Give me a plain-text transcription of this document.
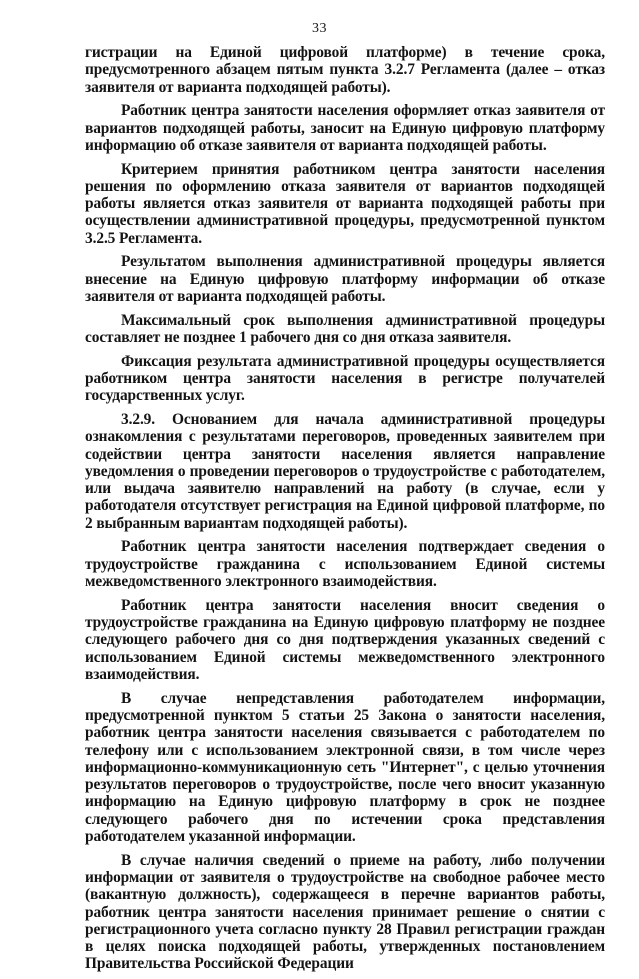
33

гистрации на Единой цифровой платформе) в течение срока, предусмотренного абзацем пятым пункта 3.2.7 Регламента (далее – отказ заявителя от варианта подходящей работы).

Работник центра занятости населения оформляет отказ заявителя от вариантов подходящей работы, заносит на Единую цифровую платформу информацию об отказе заявителя от варианта подходящей работы.

Критерием принятия работником центра занятости населения решения по оформлению отказа заявителя от вариантов подходящей работы является отказ заявителя от варианта подходящей работы при осуществлении административной процедуры, предусмотренной пунктом 3.2.5 Регламента.

Результатом выполнения административной процедуры является внесение на Единую цифровую платформу информации об отказе заявителя от варианта подходящей работы.

Максимальный срок выполнения административной процедуры составляет не позднее 1 рабочего дня со дня отказа заявителя.

Фиксация результата административной процедуры осуществляется работником центра занятости населения в регистре получателей государственных услуг.

3.2.9. Основанием для начала административной процедуры ознакомления с результатами переговоров, проведенных заявителем при содействии центра занятости населения является направление уведомления о проведении переговоров о трудоустройстве с работодателем, или выдача заявителю направлений на работу (в случае, если у работодателя отсутствует регистрация на Единой цифровой платформе, по 2 выбранным вариантам подходящей работы).

Работник центра занятости населения подтверждает сведения о трудоустройстве гражданина с использованием Единой системы межведомственного электронного взаимодействия.

Работник центра занятости населения вносит сведения о трудоустройстве гражданина на Единую цифровую платформу не позднее следующего рабочего дня со дня подтверждения указанных сведений с использованием Единой системы межведомственного электронного взаимодействия.

В случае непредставления работодателем информации, предусмотренной пунктом 5 статьи 25 Закона о занятости населения, работник центра занятости населения связывается с работодателем по телефону или с использованием электронной связи, в том числе через информационно-коммуникационную сеть "Интернет", с целью уточнения результатов переговоров о трудоустройстве, после чего вносит указанную информацию на Единую цифровую платформу в срок не позднее следующего рабочего дня по истечении срока представления работодателем указанной информации.

В случае наличия сведений о приеме на работу, либо получении информации от заявителя о трудоустройстве на свободное рабочее место (вакантную должность), содержащееся в перечне вариантов работы, работник центра занятости населения принимает решение о снятии с регистрационного учета согласно пункту 28 Правил регистрации граждан в целях поиска подходящей работы, утвержденных постановлением Правительства Российской Федерации
